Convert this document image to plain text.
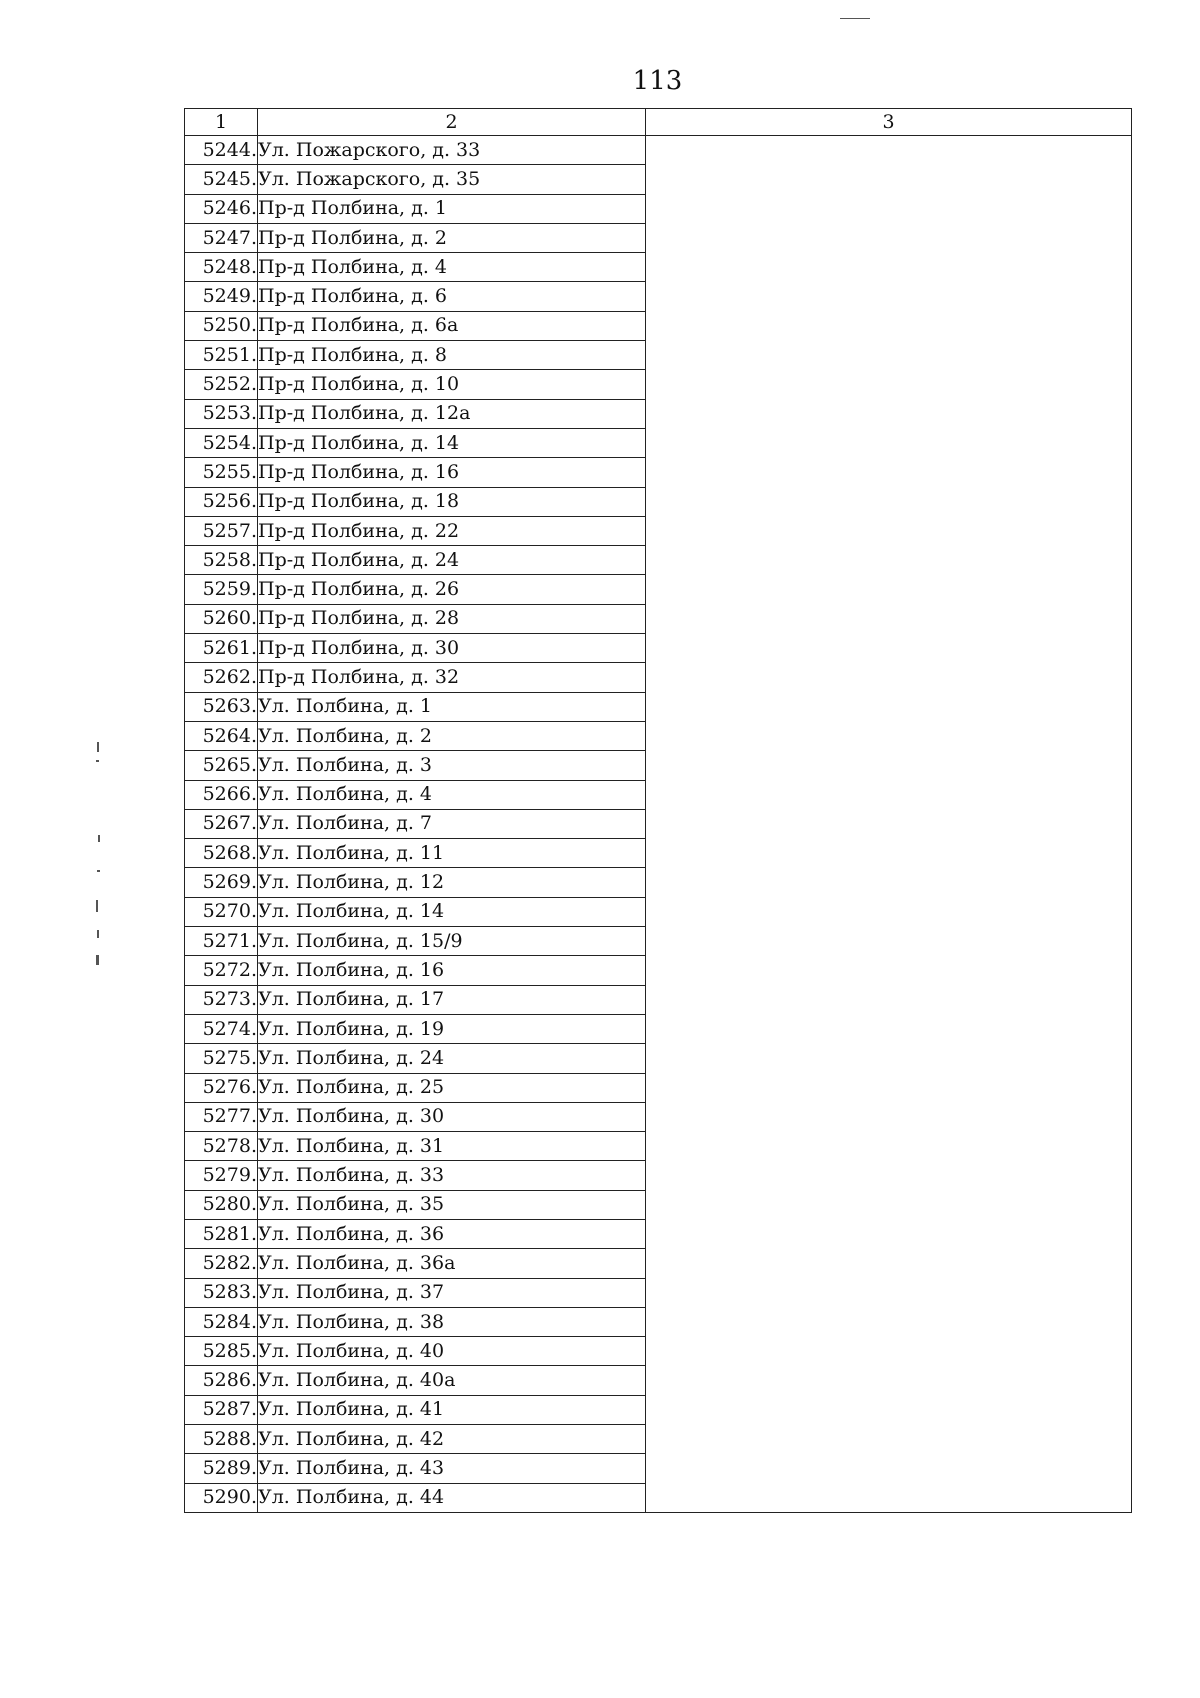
113
1	2	3
5244.	Ул. Пожарского, д. 33	
5245.	Ул. Пожарского, д. 35	
5246.	Пр-д Полбина, д. 1	
5247.	Пр-д Полбина, д. 2	
5248.	Пр-д Полбина, д. 4	
5249.	Пр-д Полбина, д. 6	
5250.	Пр-д Полбина, д. 6а	
5251.	Пр-д Полбина, д. 8	
5252.	Пр-д Полбина, д. 10	
5253.	Пр-д Полбина, д. 12а	
5254.	Пр-д Полбина, д. 14	
5255.	Пр-д Полбина, д. 16	
5256.	Пр-д Полбина, д. 18	
5257.	Пр-д Полбина, д. 22	
5258.	Пр-д Полбина, д. 24	
5259.	Пр-д Полбина, д. 26	
5260.	Пр-д Полбина, д. 28	
5261.	Пр-д Полбина, д. 30	
5262.	Пр-д Полбина, д. 32	
5263.	Ул. Полбина, д. 1	
5264.	Ул. Полбина, д. 2	
5265.	Ул. Полбина, д. 3	
5266.	Ул. Полбина, д. 4	
5267.	Ул. Полбина, д. 7	
5268.	Ул. Полбина, д. 11	
5269.	Ул. Полбина, д. 12	
5270.	Ул. Полбина, д. 14	
5271.	Ул. Полбина, д. 15/9	
5272.	Ул. Полбина, д. 16	
5273.	Ул. Полбина, д. 17	
5274.	Ул. Полбина, д. 19	
5275.	Ул. Полбина, д. 24	
5276.	Ул. Полбина, д. 25	
5277.	Ул. Полбина, д. 30	
5278.	Ул. Полбина, д. 31	
5279.	Ул. Полбина, д. 33	
5280.	Ул. Полбина, д. 35	
5281.	Ул. Полбина, д. 36	
5282.	Ул. Полбина, д. 36а	
5283.	Ул. Полбина, д. 37	
5284.	Ул. Полбина, д. 38	
5285.	Ул. Полбина, д. 40	
5286.	Ул. Полбина, д. 40а	
5287.	Ул. Полбина, д. 41	
5288.	Ул. Полбина, д. 42	
5289.	Ул. Полбина, д. 43	
5290.	Ул. Полбина, д. 44	
